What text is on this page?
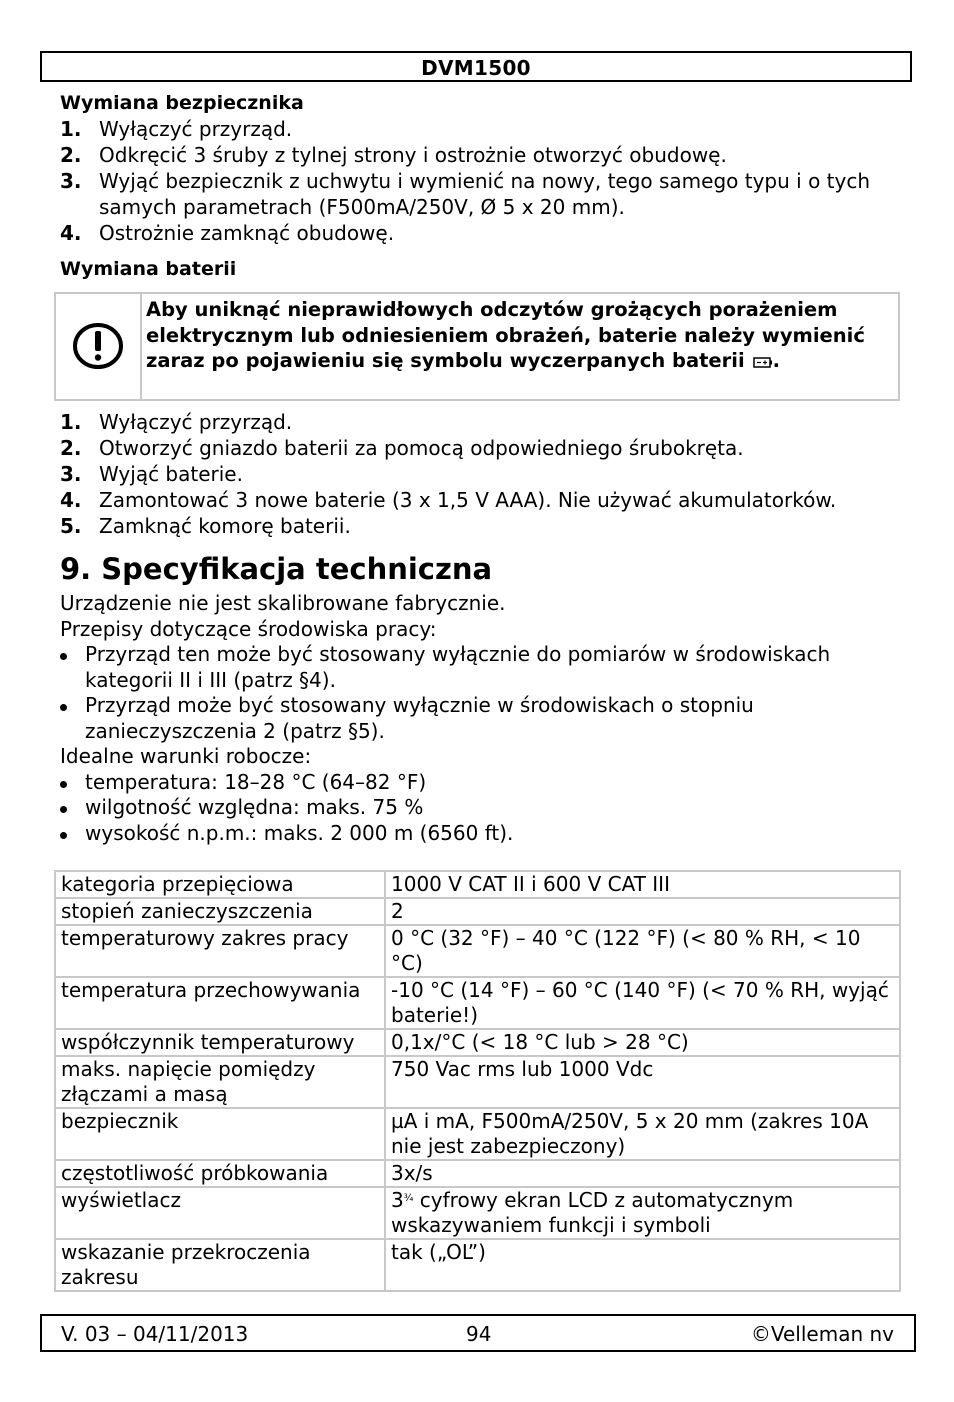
DVM1500
Wymiana bezpiecznika
1. Wyłączyć przyrząd.
2. Odkręcić 3 śruby z tylnej strony i ostrożnie otworzyć obudowę.
3. Wyjąć bezpiecznik z uchwytu i wymienić na nowy, tego samego typu i o tych samych parametrach (F500mA/250V, Ø 5 x 20 mm).
4. Ostrożnie zamknąć obudowę.
Wymiana baterii
Aby uniknąć nieprawidłowych odczytów grożących porażeniem elektrycznym lub odniesieniem obrażeń, baterie należy wymienić zaraz po pojawieniu się symbolu wyczerpanych baterii .
1. Wyłączyć przyrząd.
2. Otworzyć gniazdo baterii za pomocą odpowiedniego śrubokręta.
3. Wyjąć baterie.
4. Zamontować 3 nowe baterie (3 x 1,5 V AAA). Nie używać akumulatorków.
5. Zamknąć komorę baterii.
9. Specyfikacja techniczna

Urządzenie nie jest skalibrowane fabrycznie.

Przepisy dotyczące środowiska pracy:

Przyrząd ten może być stosowany wyłącznie do pomiarów w środowiskach kategorii II i III (patrz §4).
Przyrząd może być stosowany wyłącznie w środowiskach o stopniu zanieczyszczenia 2 (patrz §5).

Idealne warunki robocze:

temperatura: 18–28 °C (64–82 °F)
wilgotność względna: maks. 75 %
wysokość n.p.m.: maks. 2 000 m (6560 ft).
kategoria przepięciowa	1000 V CAT II i 600 V CAT III
stopień zanieczyszczenia	2
temperaturowy zakres pracy	0 °C (32 °F) – 40 °C (122 °F) (< 80 % RH, < 10 °C)
temperatura przechowywania	-10 °C (14 °F) – 60 °C (140 °F) (< 70 % RH, wyjąć baterie!)
współczynnik temperaturowy	0,1x/°C (< 18 °C lub > 28 °C)
maks. napięcie pomiędzy złączami a masą	750 Vac rms lub 1000 Vdc
bezpiecznik	µA i mA, F500mA/250V, 5 x 20 mm (zakres 10A nie jest zabezpieczony)
częstotliwość próbkowania	3x/s
wyświetlacz	$3^{\frac{3}{4}}$ cyfrowy ekran LCD z automatycznym wskazywaniem funkcji i symboli
wskazanie przekroczenia zakresu	tak („OL”)
V. 03 – 04/11/2013	94	©Velleman nv
